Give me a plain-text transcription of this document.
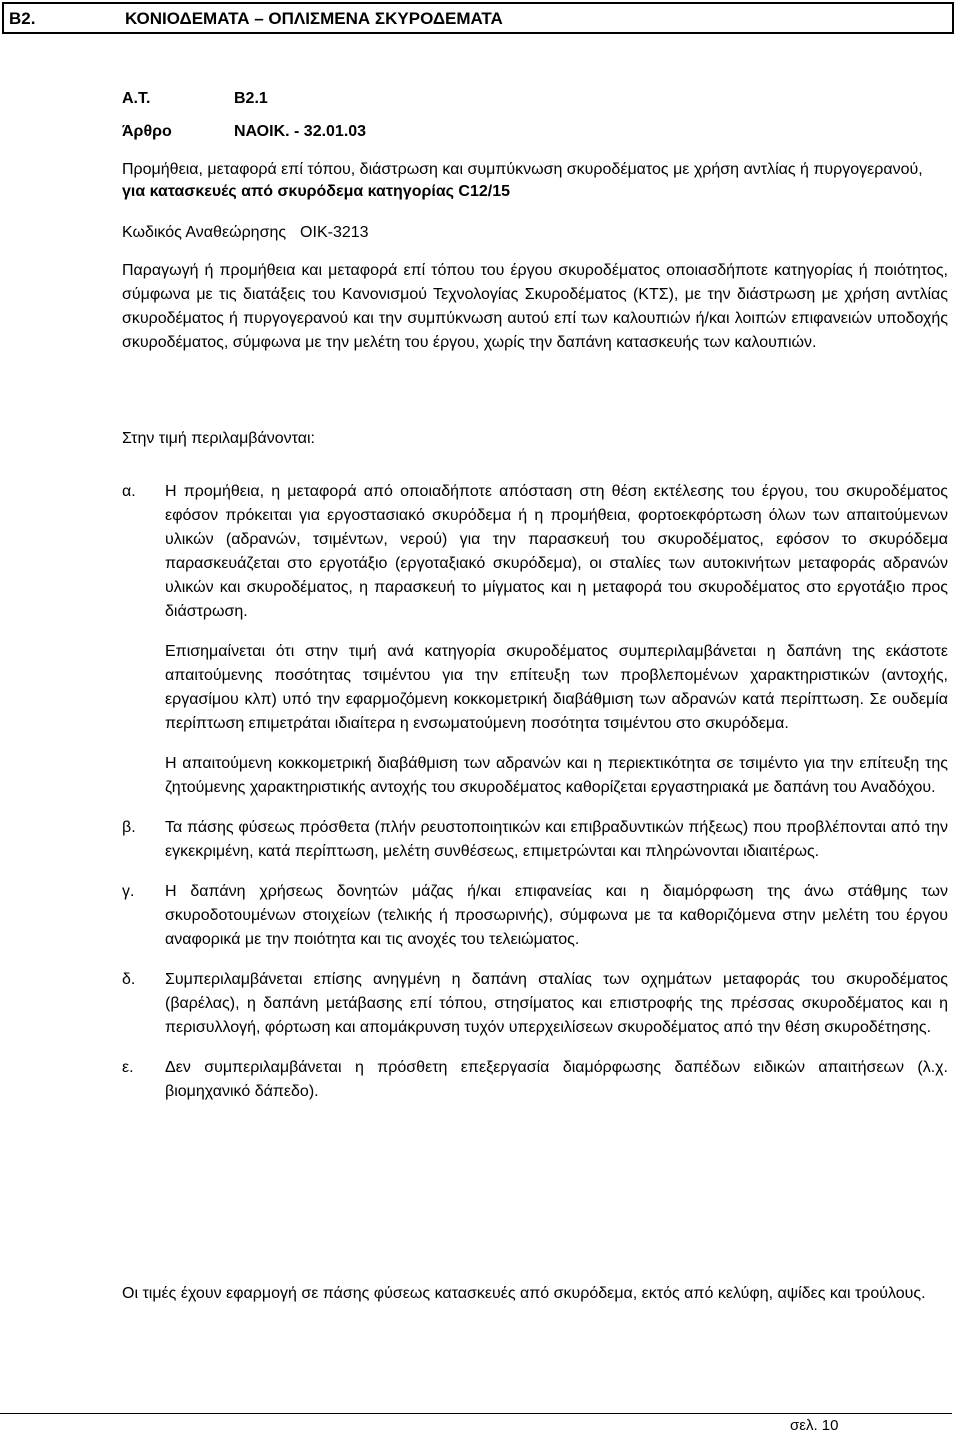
Β2.	ΚΟΝΙΟΔΕΜΑΤΑ – ΟΠΛΙΣΜΕΝΑ ΣΚΥΡΟΔΕΜΑΤΑ
Α.Τ.	Β2.1
Άρθρο	ΝΑΟΙΚ. - 32.01.03

Προμήθεια, μεταφορά επί τόπου, διάστρωση και συμπύκνωση σκυροδέματος με χρήση αντλίας ή πυργογερανού, για κατασκευές από σκυρόδεμα κατηγορίας C12/15

Κωδικός Αναθεώρησης ΟΙΚ-3213
Παραγωγή ή προμήθεια και μεταφορά επί τόπου του έργου σκυροδέματος οποιασδήποτε κατηγορίας ή ποιότητος, σύμφωνα με τις διατάξεις του Κανονισμού Τεχνολογίας Σκυροδέματος (ΚΤΣ), με την διάστρωση με χρήση αντλίας σκυροδέματος ή πυργογερανού και την συμπύκνωση αυτού επί των καλουπιών ή/και λοιπών επιφανειών υποδοχής σκυροδέματος, σύμφωνα με την μελέτη του έργου, χωρίς την δαπάνη κατασκευής των καλουπιών.
Στην τιμή περιλαμβάνονται:
α. Η προμήθεια, η μεταφορά από οποιαδήποτε απόσταση στη θέση εκτέλεσης του έργου, του σκυροδέματος εφόσον πρόκειται για εργοστασιακό σκυρόδεμα ή η προμήθεια, φορτοεκφόρτωση όλων των απαιτούμενων υλικών (αδρανών, τσιμέντων, νερού) για την παρασκευή του σκυροδέματος, εφόσον το σκυρόδεμα παρασκευάζεται στο εργοτάξιο (εργοταξιακό σκυρόδεμα), οι σταλίες των αυτοκινήτων μεταφοράς αδρανών υλικών και σκυροδέματος, η παρασκευή το μίγματος και η μεταφορά του σκυροδέματος στο εργοτάξιο προς διάστρωση.

Επισημαίνεται ότι στην τιμή ανά κατηγορία σκυροδέματος συμπεριλαμβάνεται η δαπάνη της εκάστοτε απαιτούμενης ποσότητας τσιμέντου για την επίτευξη των προβλεπομένων χαρακτηριστικών (αντοχής, εργασίμου κλπ) υπό την εφαρμοζόμενη κοκκομετρική διαβάθμιση των αδρανών κατά περίπτωση. Σε ουδεμία περίπτωση επιμετράται ιδιαίτερα η ενσωματούμενη ποσότητα τσιμέντου στο σκυρόδεμα.

Η απαιτούμενη κοκκομετρική διαβάθμιση των αδρανών και η περιεκτικότητα σε τσιμέντο για την επίτευξη της ζητούμενης χαρακτηριστικής αντοχής του σκυροδέματος καθορίζεται εργαστηριακά με δαπάνη του Αναδόχου.

β. Τα πάσης φύσεως πρόσθετα (πλήν ρευστοποιητικών και επιβραδυντικών πήξεως) που προβλέπονται από την εγκεκριμένη, κατά περίπτωση, μελέτη συνθέσεως, επιμετρώνται και πληρώνονται ιδιαιτέρως.

γ. Η δαπάνη χρήσεως δονητών μάζας ή/και επιφανείας και η διαμόρφωση της άνω στάθμης των σκυροδοτουμένων στοιχείων (τελικής ή προσωρινής), σύμφωνα με τα καθοριζόμενα στην μελέτη του έργου αναφορικά με την ποιότητα και τις ανοχές του τελειώματος.

δ. Συμπεριλαμβάνεται επίσης ανηγμένη η δαπάνη σταλίας των οχημάτων μεταφοράς του σκυροδέματος (βαρέλας), η δαπάνη μετάβασης επί τόπου, στησίματος και επιστροφής της πρέσσας σκυροδέματος και η περισυλλογή, φόρτωση και απομάκρυνση τυχόν υπερχειλίσεων σκυροδέματος από την θέση σκυροδέτησης.

ε. Δεν συμπεριλαμβάνεται η πρόσθετη επεξεργασία διαμόρφωσης δαπέδων ειδικών απαιτήσεων (λ.χ. βιομηχανικό δάπεδο).

Οι τιμές έχουν εφαρμογή σε πάσης φύσεως κατασκευές από σκυρόδεμα, εκτός από κελύφη, αψίδες και τρούλους.
σελ. 10
